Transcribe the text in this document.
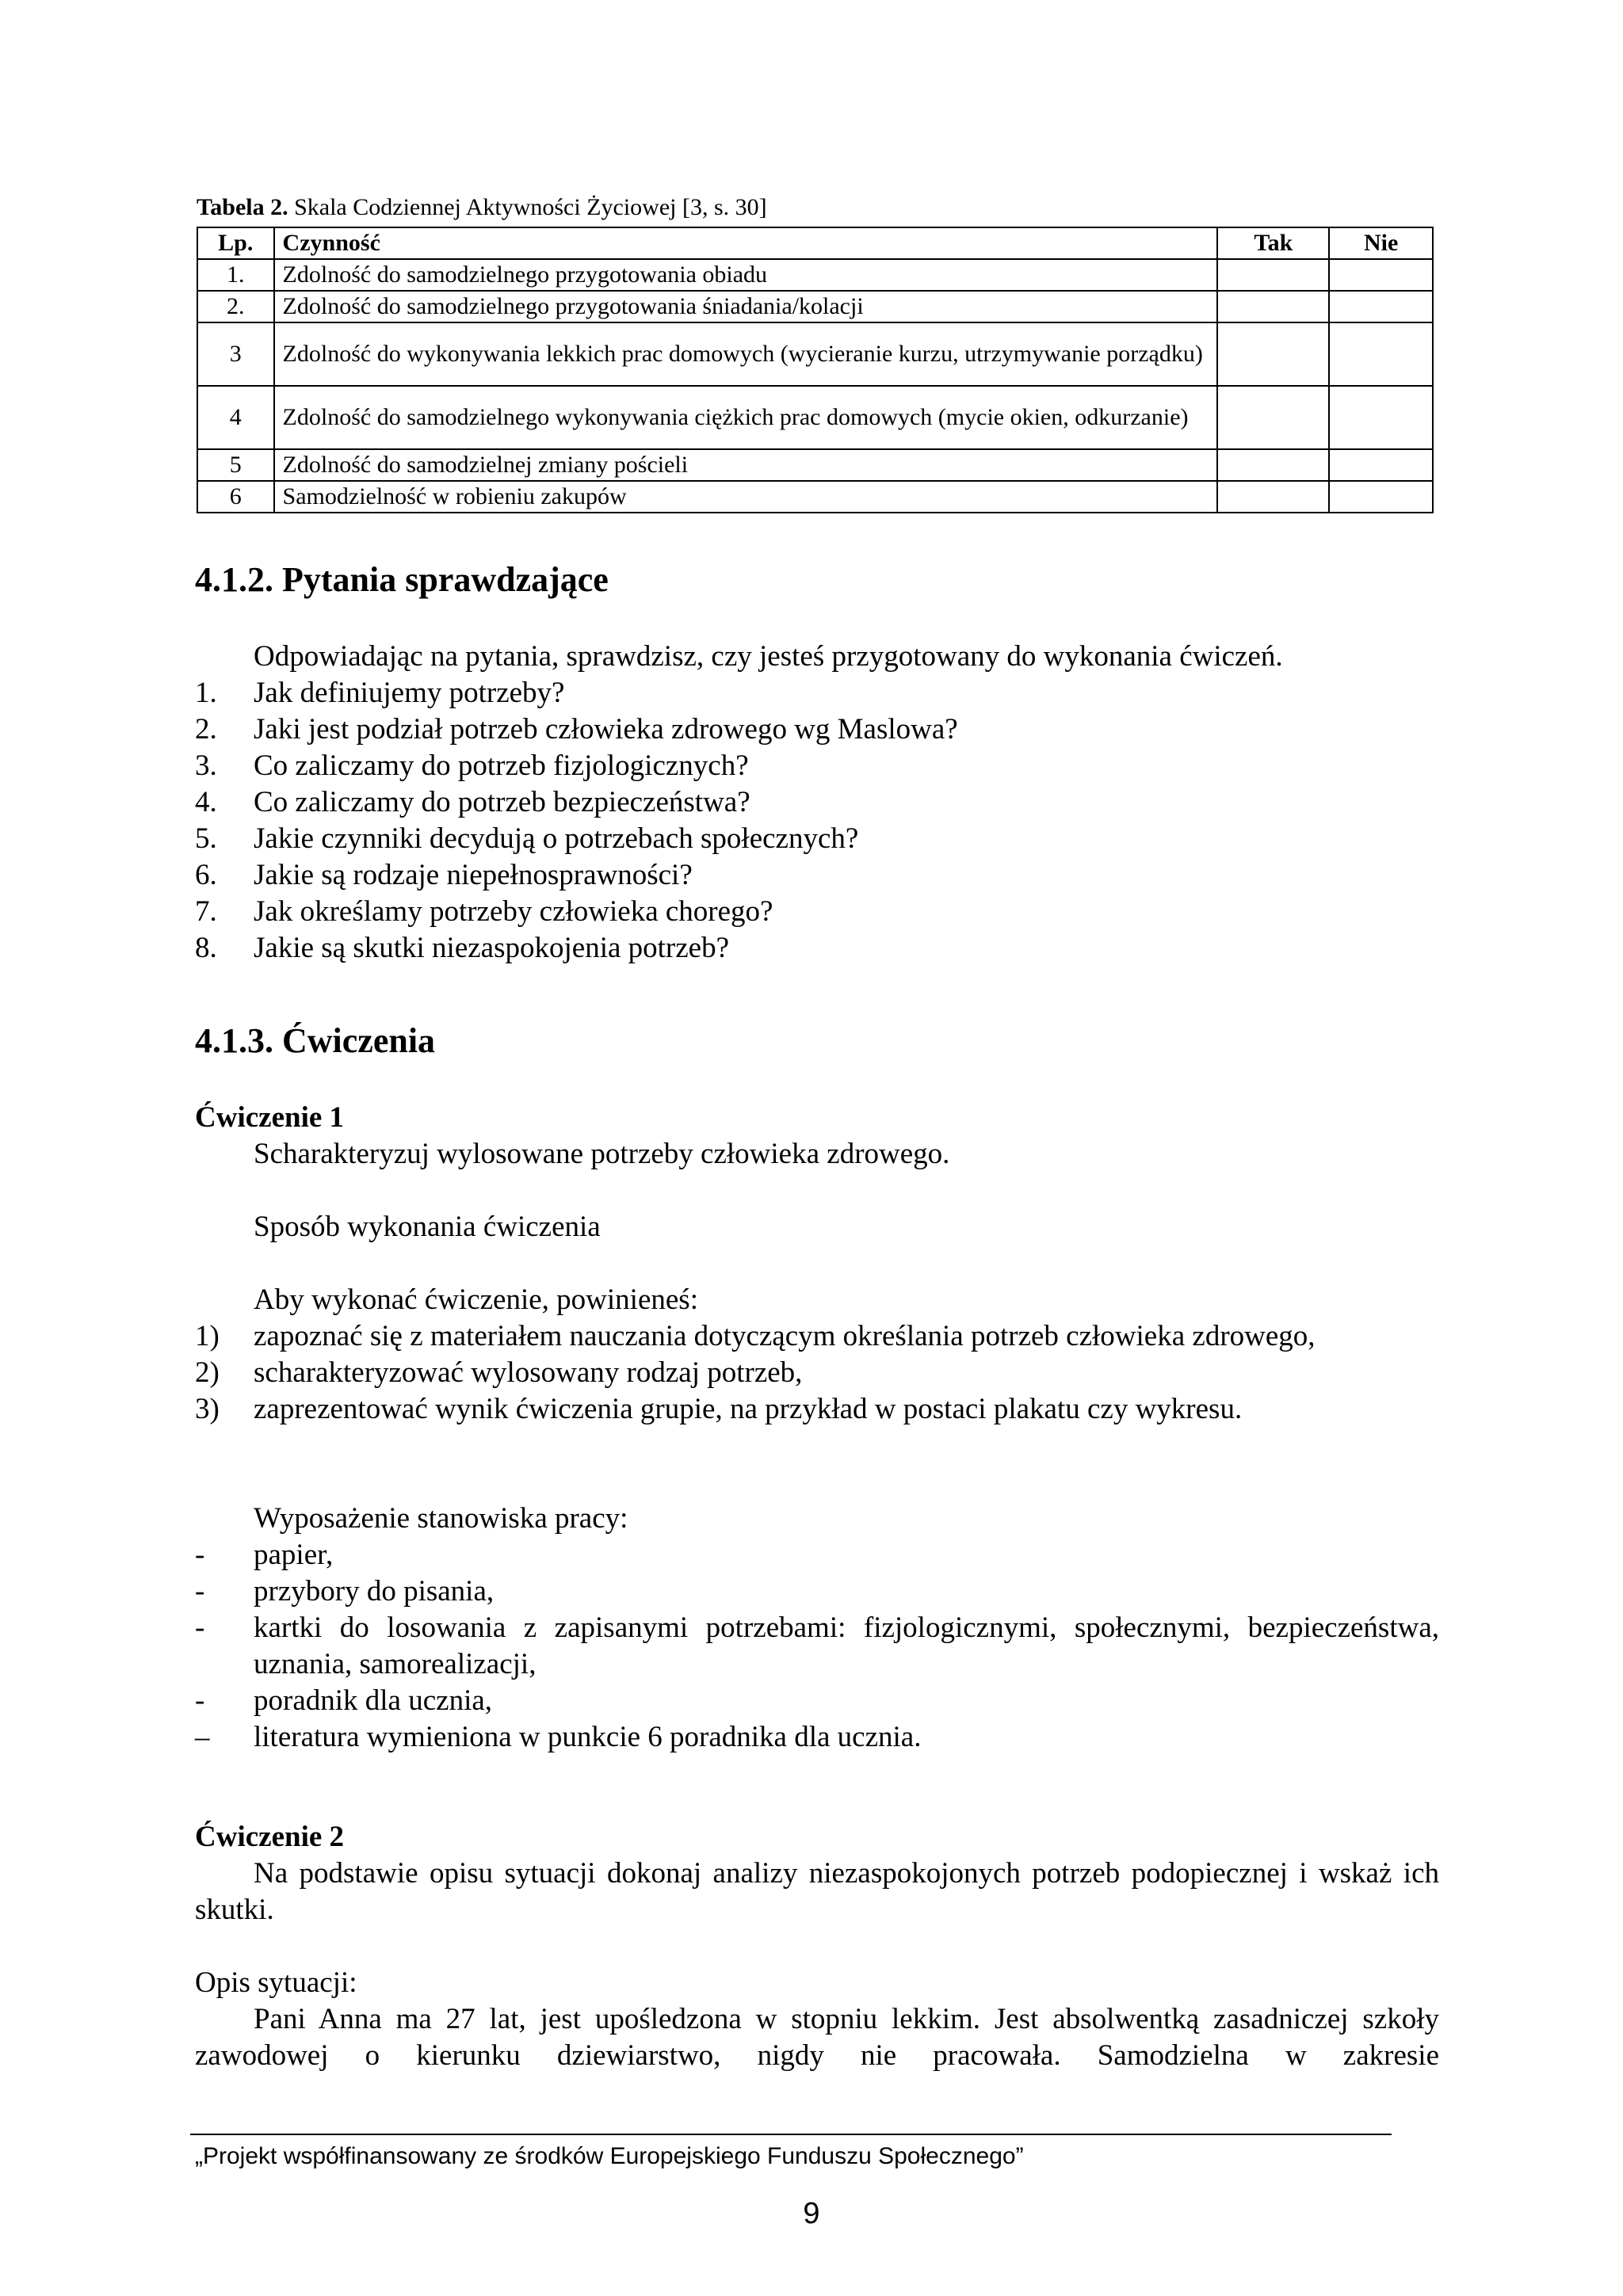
Tabela 2. Skala Codziennej Aktywności Życiowej [3, s. 30]
Lp.	Czynność	Tak	Nie
1.	Zdolność do samodzielnego przygotowania obiadu		
2.	Zdolność do samodzielnego przygotowania śniadania/kolacji		
3	Zdolność do wykonywania lekkich prac domowych (wycieranie kurzu, utrzymywanie porządku)		
4	Zdolność do samodzielnego wykonywania ciężkich prac domowych (mycie okien, odkurzanie)		
5	Zdolność do samodzielnej zmiany pościeli		
6	Samodzielność w robieniu zakupów		
4.1.2. Pytania sprawdzające
Odpowiadając na pytania, sprawdzisz, czy jesteś przygotowany do wykonania ćwiczeń.
1. Jak definiujemy potrzeby?
2. Jaki jest podział potrzeb człowieka zdrowego wg Maslowa?
3. Co zaliczamy do potrzeb fizjologicznych?
4. Co zaliczamy do potrzeb bezpieczeństwa?
5. Jakie czynniki decydują o potrzebach społecznych?
6. Jakie są rodzaje niepełnosprawności?
7. Jak określamy potrzeby człowieka chorego?
8. Jakie są skutki niezaspokojenia potrzeb?
4.1.3. Ćwiczenia
Ćwiczenie 1
Scharakteryzuj wylosowane potrzeby człowieka zdrowego.
Sposób wykonania ćwiczenia
Aby wykonać ćwiczenie, powinieneś:
1) zapoznać się z materiałem nauczania dotyczącym określania potrzeb człowieka zdrowego,
2) scharakteryzować wylosowany rodzaj potrzeb,
3) zaprezentować wynik ćwiczenia grupie, na przykład w postaci plakatu czy wykresu.
Wyposażenie stanowiska pracy:
- papier,
- przybory do pisania,
- kartki do losowania z zapisanymi potrzebami: fizjologicznymi, społecznymi, bezpieczeństwa, uznania, samorealizacji,
- poradnik dla ucznia,
– literatura wymieniona w punkcie 6 poradnika dla ucznia.
Ćwiczenie 2
Na podstawie opisu sytuacji dokonaj analizy niezaspokojonych potrzeb podopiecznej i wskaż ich skutki.
Opis sytuacji:
Pani Anna ma 27 lat, jest upośledzona w stopniu lekkim. Jest absolwentką zasadniczej szkoły zawodowej o kierunku dziewiarstwo, nigdy nie pracowała. Samodzielna w zakresie
„Projekt współfinansowany ze środków Europejskiego Funduszu Społecznego”
9
